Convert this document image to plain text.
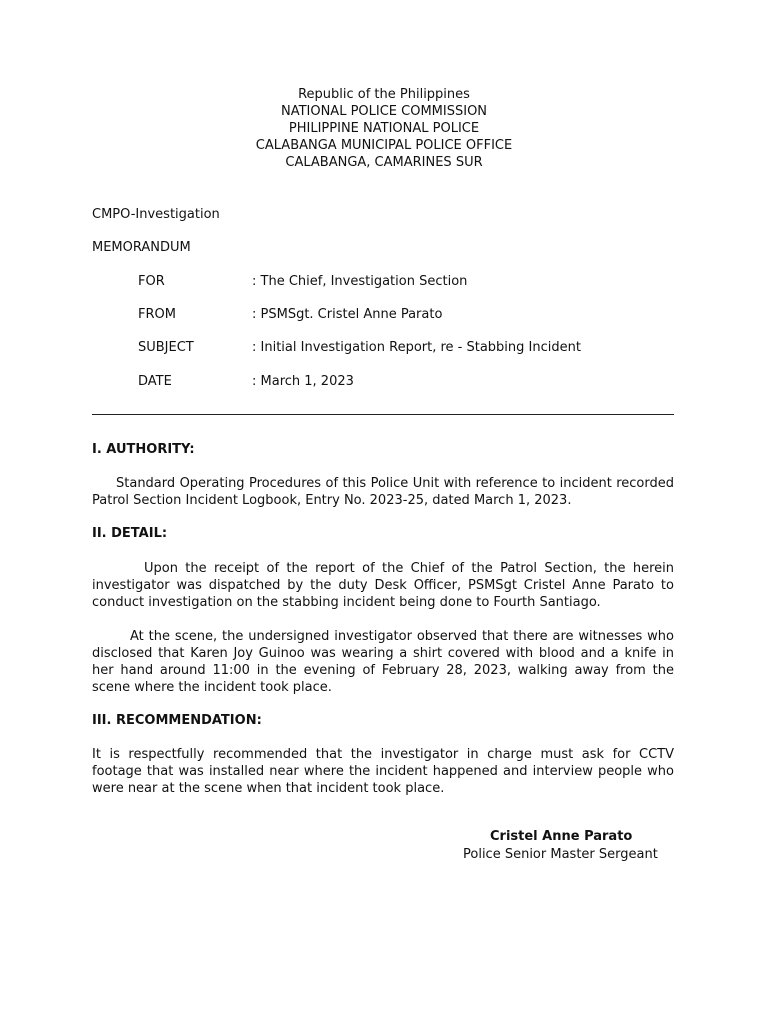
Republic of the Philippines
NATIONAL POLICE COMMISSION
PHILIPPINE NATIONAL POLICE
CALABANGA MUNICIPAL POLICE OFFICE
CALABANGA, CAMARINES SUR
CMPO-Investigation
MEMORANDUM
FOR	: The Chief, Investigation Section
FROM	: PSMSgt. Cristel Anne Parato
SUBJECT	: Initial Investigation Report, re - Stabbing Incident
DATE	: March 1, 2023
I. AUTHORITY:
Standard Operating Procedures of this Police Unit with reference to incident recorded Patrol Section Incident Logbook, Entry No. 2023-25, dated March 1, 2023.
II. DETAIL:
Upon the receipt of the report of the Chief of the Patrol Section, the herein investigator was dispatched by the duty Desk Officer, PSMSgt Cristel Anne Parato to conduct investigation on the stabbing incident being done to Fourth Santiago.
At the scene, the undersigned investigator observed that there are witnesses who disclosed that Karen Joy Guinoo was wearing a shirt covered with blood and a knife in her hand around 11:00 in the evening of February 28, 2023, walking away from the scene where the incident took place.
III. RECOMMENDATION:
It is respectfully recommended that the investigator in charge must ask for CCTV footage that was installed near where the incident happened and interview people who were near at the scene when that incident took place.
Cristel Anne Parato
Police Senior Master Sergeant
